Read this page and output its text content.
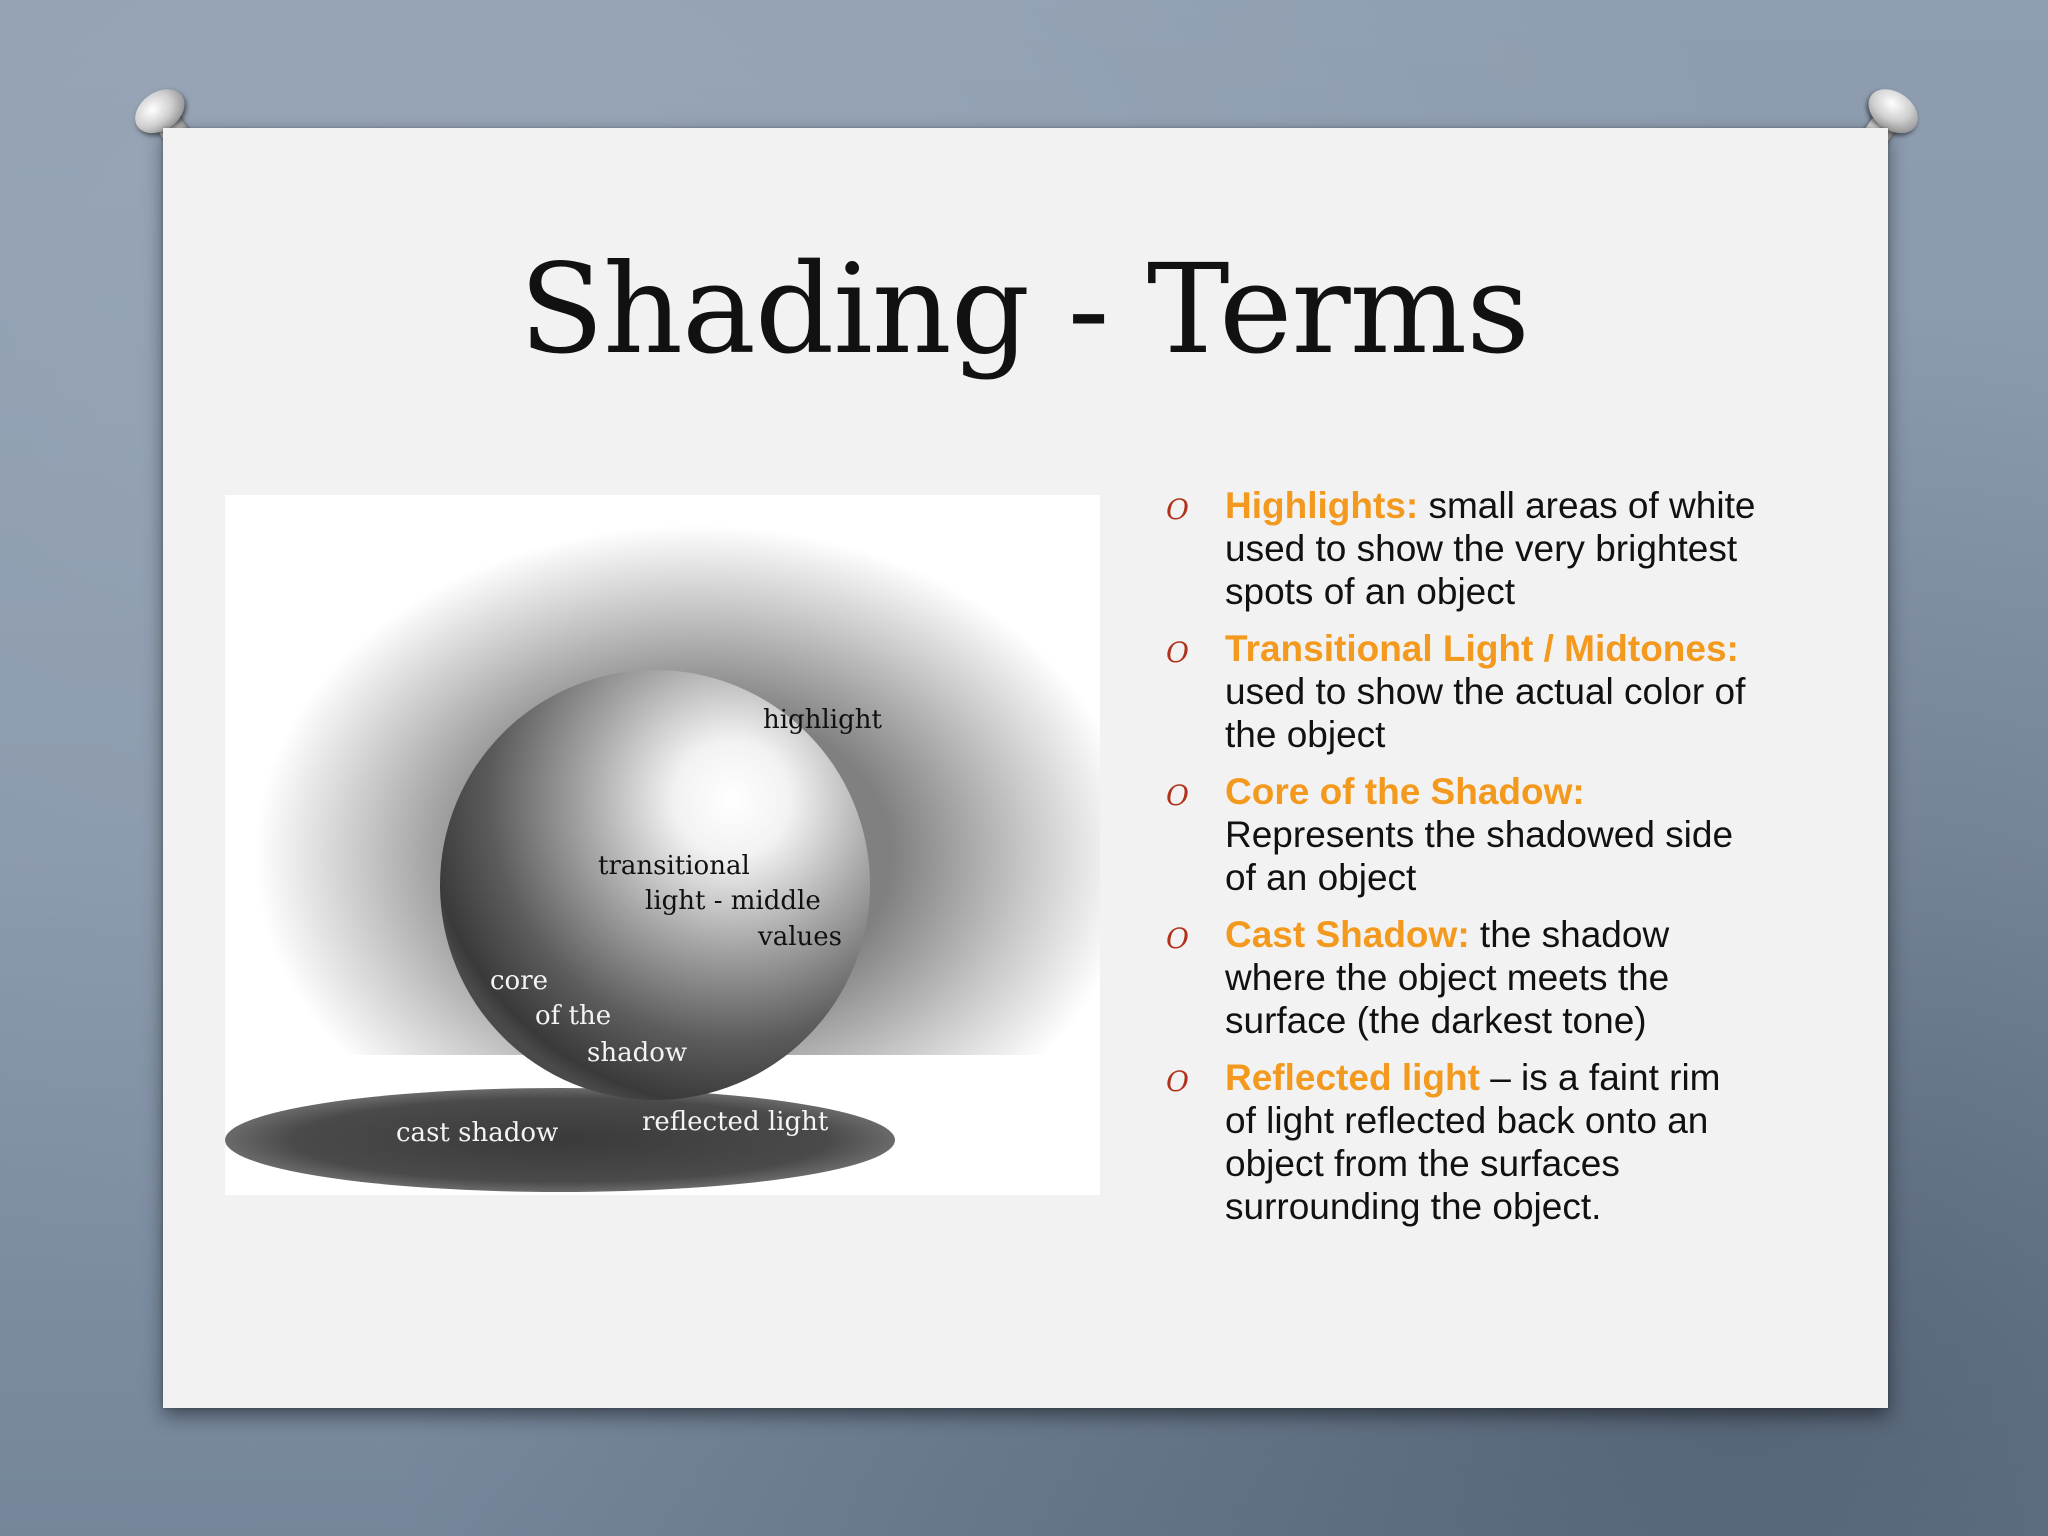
Shading - Terms
highlight
transitional
light - middle
values
core
of the
shadow
cast shadow	reflected light
O Highlights: small areas of white used to show the very brightest spots of an object
O Transitional Light / Midtones: used to show the actual color of the object
O Core of the Shadow: Represents the shadowed side of an object
O Cast Shadow: the shadow where the object meets the surface (the darkest tone)
O Reflected light – is a faint rim of light reflected back onto an object from the surfaces surrounding the object.
